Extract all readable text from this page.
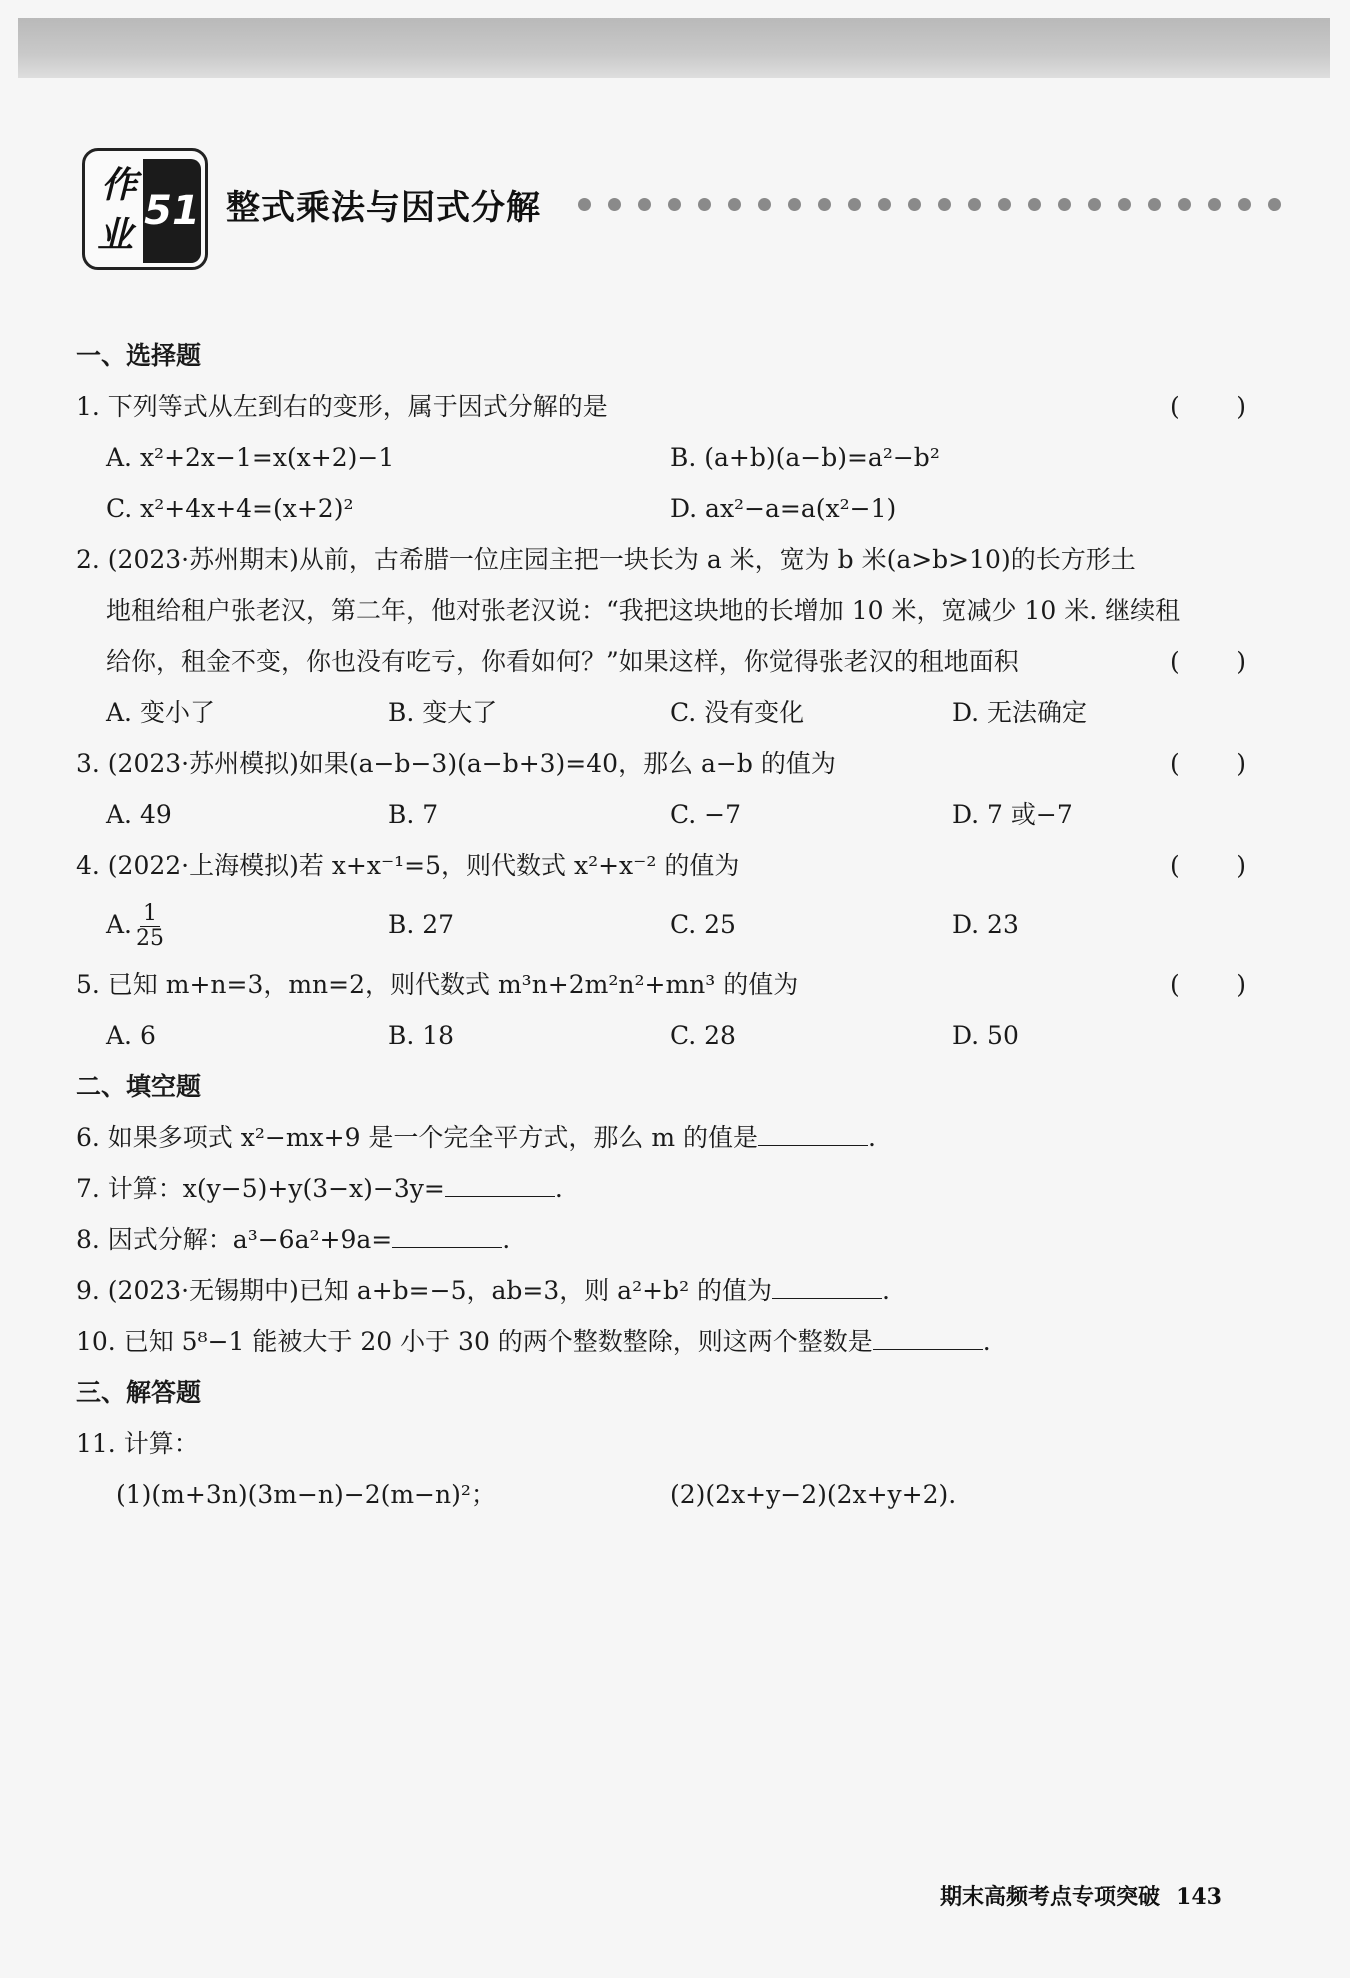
作
业
51 整式乘法与因式分解
一、选择题
1. 下列等式从左到右的变形，属于因式分解的是	( )
A. x²+2x−1=x(x+2)−1	B. (a+b)(a−b)=a²−b²
C. x²+4x+4=(x+2)²	D. ax²−a=a(x²−1)
2. (2023·苏州期末)从前，古希腊一位庄园主把一块长为 a 米，宽为 b 米(a>b>10)的长方形土
地租给租户张老汉，第二年，他对张老汉说：“我把这块地的长增加 10 米，宽减少 10 米. 继续租
给你，租金不变，你也没有吃亏，你看如何？”如果这样，你觉得张老汉的租地面积	( )
A. 变小了	B. 变大了	C. 没有变化	D. 无法确定
3. (2023·苏州模拟)如果(a−b−3)(a−b+3)=40，那么 a−b 的值为	( )
A. 49	B. 7	C. −7	D. 7 或−7
4. (2022·上海模拟)若 x+x⁻¹=5，则代数式 x²+x⁻² 的值为	( )
A. $\frac{1}{25}$	B. 27	C. 25	D. 23
5. 已知 m+n=3，mn=2，则代数式 m³n+2m²n²+mn³ 的值为	( )
A. 6	B. 18	C. 28	D. 50
二、填空题
6. 如果多项式 x²−mx+9 是一个完全平方式，那么 m 的值是	.
7. 计算：x(y−5)+y(3−x)−3y=	.
8. 因式分解：a³−6a²+9a=	.
9. (2023·无锡期中)已知 a+b=−5，ab=3，则 a²+b² 的值为	.
10. 已知 5⁸−1 能被大于 20 小于 30 的两个整数整除，则这两个整数是	.
三、解答题
11. 计算：
(1)(m+3n)(3m−n)−2(m−n)²；	(2)(2x+y−2)(2x+y+2).
期末高频考点专项突破 143
